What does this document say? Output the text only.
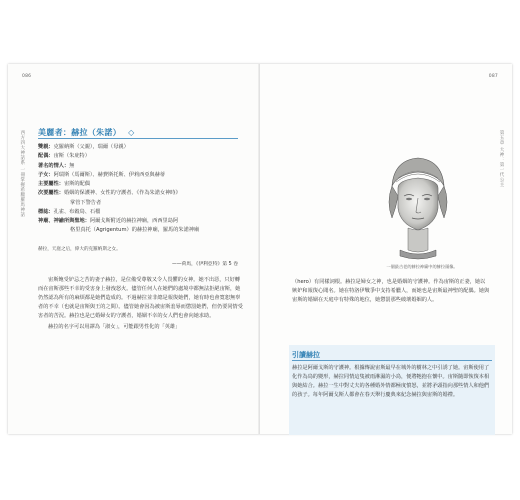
086
西方四大神話系 一冊掌握希臘羅馬神話 美麗者：赫拉（朱諾） ◇
雙親： 克羅納斯（父親），瑞爾（母親）
配偶： 宙斯（朱庇特）
著名的情人： 無
子女： 阿瑞斯（馬爾斯）、赫費斯托斯、伊莉西亞與赫蒂
主要屬性： 宙斯的配偶
次要屬性： 婚姻的保護神、女性的守護者、《作為朱諾女神時》
掌管下警告者
標誌： 孔雀、布穀鳥、石榴
神廟、神諭所與聖地： 阿爾戈斯附近的赫拉神廟，西西里島阿
格里真托（Agrigentum）的赫拉神廟，羅馬的朱諾神廟
赫拉，天庭之后，偉大的克羅納斯之女。
——荷馬，《伊利亞特》第 5 卷

宙斯飽受妒忌之苦的妻子赫拉，是位備受尊敬又令人畏懼的女神。她不出惡，只好轉而在宙斯那些不幸的受害身上發洩怒火。儘管任何人在她們的處境中都無法拒絕宙斯，她仍然認為所有的麻煩都是她們造成的。不過赫拉並非總是報復她們，她有時也會寬恕無辜者的不幸（也就是宙斯與王的之間）。儘管她會因為被宙斯羞辱而懲罰她們，但仍要同情受害者的苦況。赫拉也是已婚婦女的守護者，婚姻不幸的女人們也會向她求助。

赫拉的名字可以用譯為「淑女」，可能跟男性化的「英雄」

087
第五章 大神：第一代公主
一個最古老的赫拉神廟中的赫拉頭像。

（hero）有同樣詞根。赫拉是婦女之神，也是婚姻的守護神。作為宙斯的正妻，她以嫉妒和報復心聞名。她在特洛伊戰爭中支持希臘人，而她也是宙斯最神聖的配偶。她與宙斯的婚姻在天庭中有特殊的地位，她懲罰那些破壞婚姻的人。

引讀赫拉

赫拉是阿爾戈斯的守護神。根據傳說宙斯最早在城外的樹林之中引誘了她。宙斯使用了化作為鳥的變形，赫拉同情這隻被雨淋濕的小鳥，便將牠抱在懷中。宙斯隨即恢復本相與她結合。赫拉一生中對丈夫的各種婚外情都極度憤怒，並將矛頭指向那些情人和他們的孩子。每年阿爾戈斯人都會在春天舉行慶典來紀念赫拉與宙斯的婚禮。
